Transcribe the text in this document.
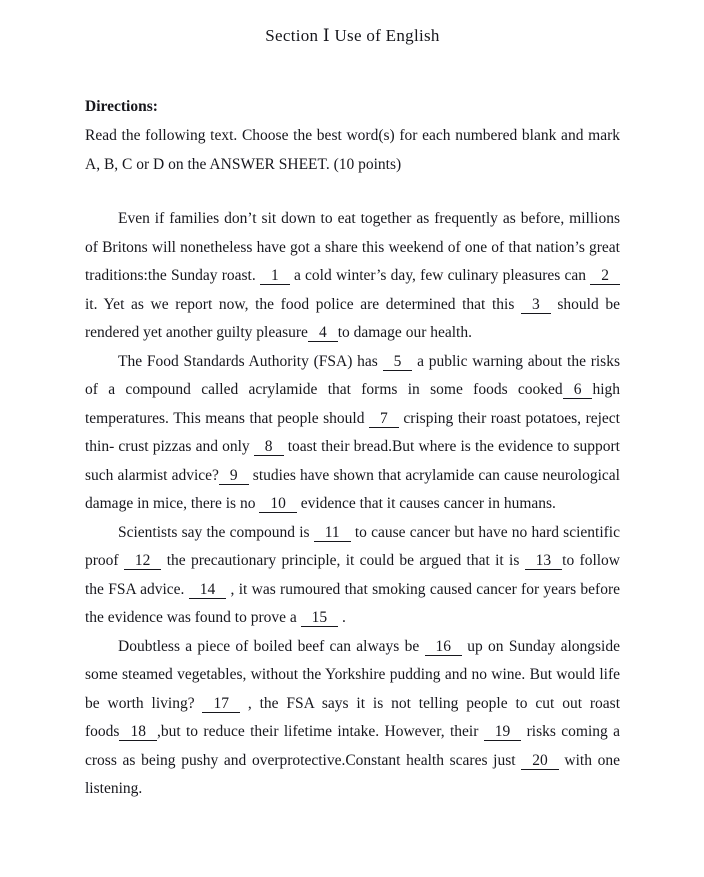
Section Ⅰ Use of English

Directions:

Read the following text. Choose the best word(s) for each numbered blank and mark A, B, C or D on the ANSWER SHEET. (10 points)

Even if families don’t sit down to eat together as frequently as before, millions of Britons will nonetheless have got a share this weekend of one of that nation’s great traditions:the Sunday roast. 1 a cold winter’s day, few culinary pleasures can 2 it. Yet as we report now, the food police are determined that this 3 should be rendered yet another guilty pleasure 4 to damage our health.

The Food Standards Authority (FSA) has 5 a public warning about the risks of a compound called acrylamide that forms in some foods cooked 6 high temperatures. This means that people should 7 crisping their roast potatoes, reject thin- crust pizzas and only 8 toast their bread.But where is the evidence to support such alarmist advice? 9 studies have shown that acrylamide can cause neurological damage in mice, there is no 10 evidence that it causes cancer in humans.

Scientists say the compound is 11 to cause cancer but have no hard scientific proof 12 the precautionary principle, it could be argued that it is 13 to follow the FSA advice. 14 , it was rumoured that smoking caused cancer for years before the evidence was found to prove a 15 .

Doubtless a piece of boiled beef can always be 16 up on Sunday alongside some steamed vegetables, without the Yorkshire pudding and no wine. But would life be worth living? 17 , the FSA says it is not telling people to cut out roast foods 18 ,but to reduce their lifetime intake. However, their 19 risks coming a cross as being pushy and overprotective.Constant health scares just 20 with one listening.
